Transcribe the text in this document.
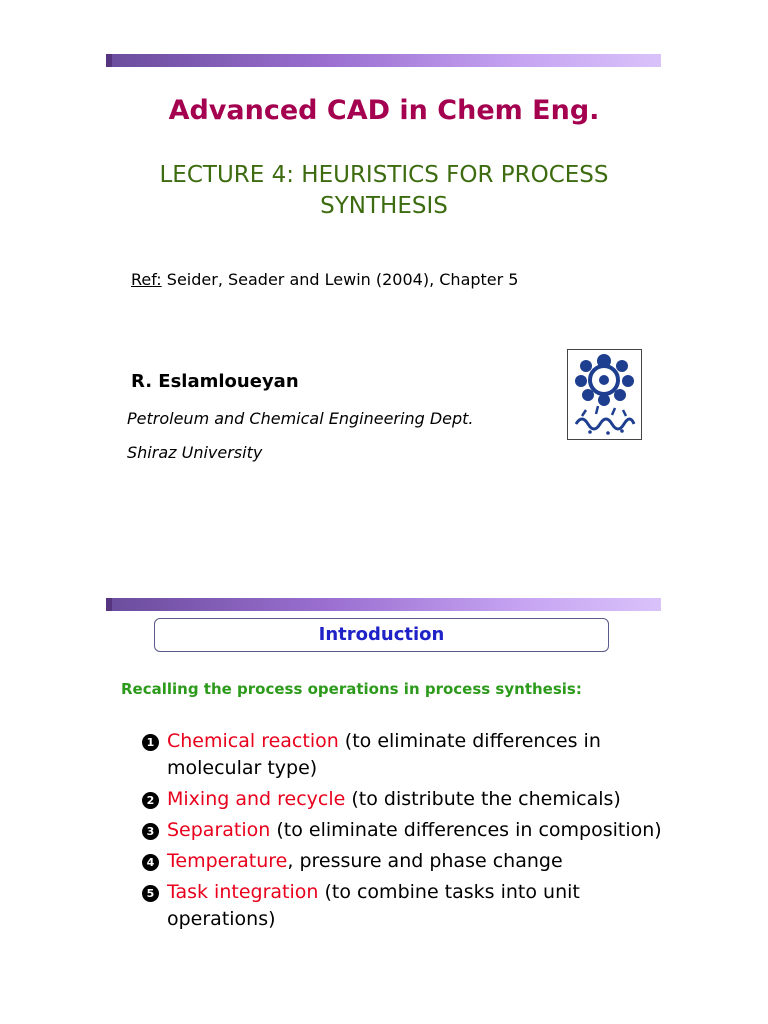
Advanced CAD in Chem Eng.
LECTURE 4: HEURISTICS FOR PROCESS SYNTHESIS
Ref: Seider, Seader and Lewin (2004), Chapter 5
R. Eslamloueyan
Petroleum and Chemical Engineering Dept.
Shiraz University
Introduction
Recalling the process operations in process synthesis:
1 Chemical reaction (to eliminate differences in molecular type)
2 Mixing and recycle (to distribute the chemicals)
3 Separation (to eliminate differences in composition)
4 Temperature, pressure and phase change
5 Task integration (to combine tasks into unit operations)
